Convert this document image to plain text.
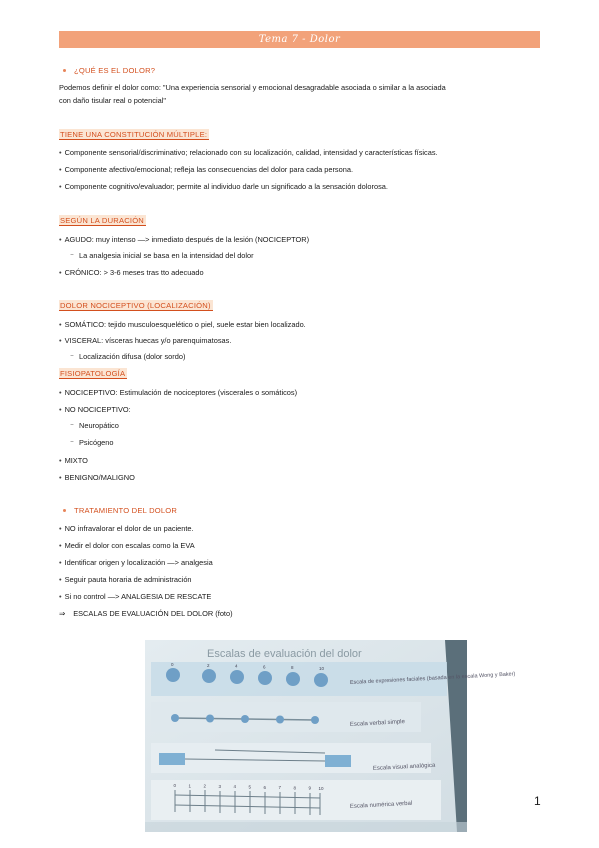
Tema 7 - Dolor
¿QUÉ ES EL DOLOR?
Podemos definir el dolor como: "Una experiencia sensorial y emocional desagradable asociada o similar a la asociada
con daño tisular real o potencial"
TIENE UNA CONSTITUCIÓN MÚLTIPLE:
• Componente sensorial/discriminativo; relacionado con su localización, calidad, intensidad y características físicas.
• Componente afectivo/emocional; refleja las consecuencias del dolor para cada persona.
• Componente cognitivo/evaluador; permite al individuo darle un significado a la sensación dolorosa.
SEGÚN LA DURACIÓN
• AGUDO: muy intenso —> inmediato después de la lesión (NOCICEPTOR)
⁻ La analgesia inicial se basa en la intensidad del dolor
• CRÓNICO: > 3-6 meses tras tto adecuado
DOLOR NOCICEPTIVO (LOCALIZACIÓN)
• SOMÁTICO: tejido musculoesquelético o piel, suele estar bien localizado.
• VISCERAL: vísceras huecas y/o parenquimatosas.
⁻ Localización difusa (dolor sordo)
FISIOPATOLOGÍA
• NOCICEPTIVO: Estimulación de nociceptores (viscerales o somáticos)
• NO NOCICEPTIVO:
⁻ Neuropático
⁻ Psicógeno
• MIXTO
• BENIGNO/MALIGNO
TRATAMIENTO DEL DOLOR
• NO infravalorar el dolor de un paciente.
• Medir el dolor con escalas como la EVA
• Identificar origen y localización —> analgesia
• Seguir pauta horaria de administración
• Si no control —> ANALGESIA DE RESCATE
⇒ ESCALAS DE EVALUACIÓN DEL DOLOR (foto)
Escalas de evaluación del dolor
Escala de expresiones faciales (basada en la escala Wong y Baker)
Escala verbal simple
Escala visual analógica
Escala numérica verbal
0	2	4	6	8	10
0	1	2	3	4	5	6	7	8	9 10
1
